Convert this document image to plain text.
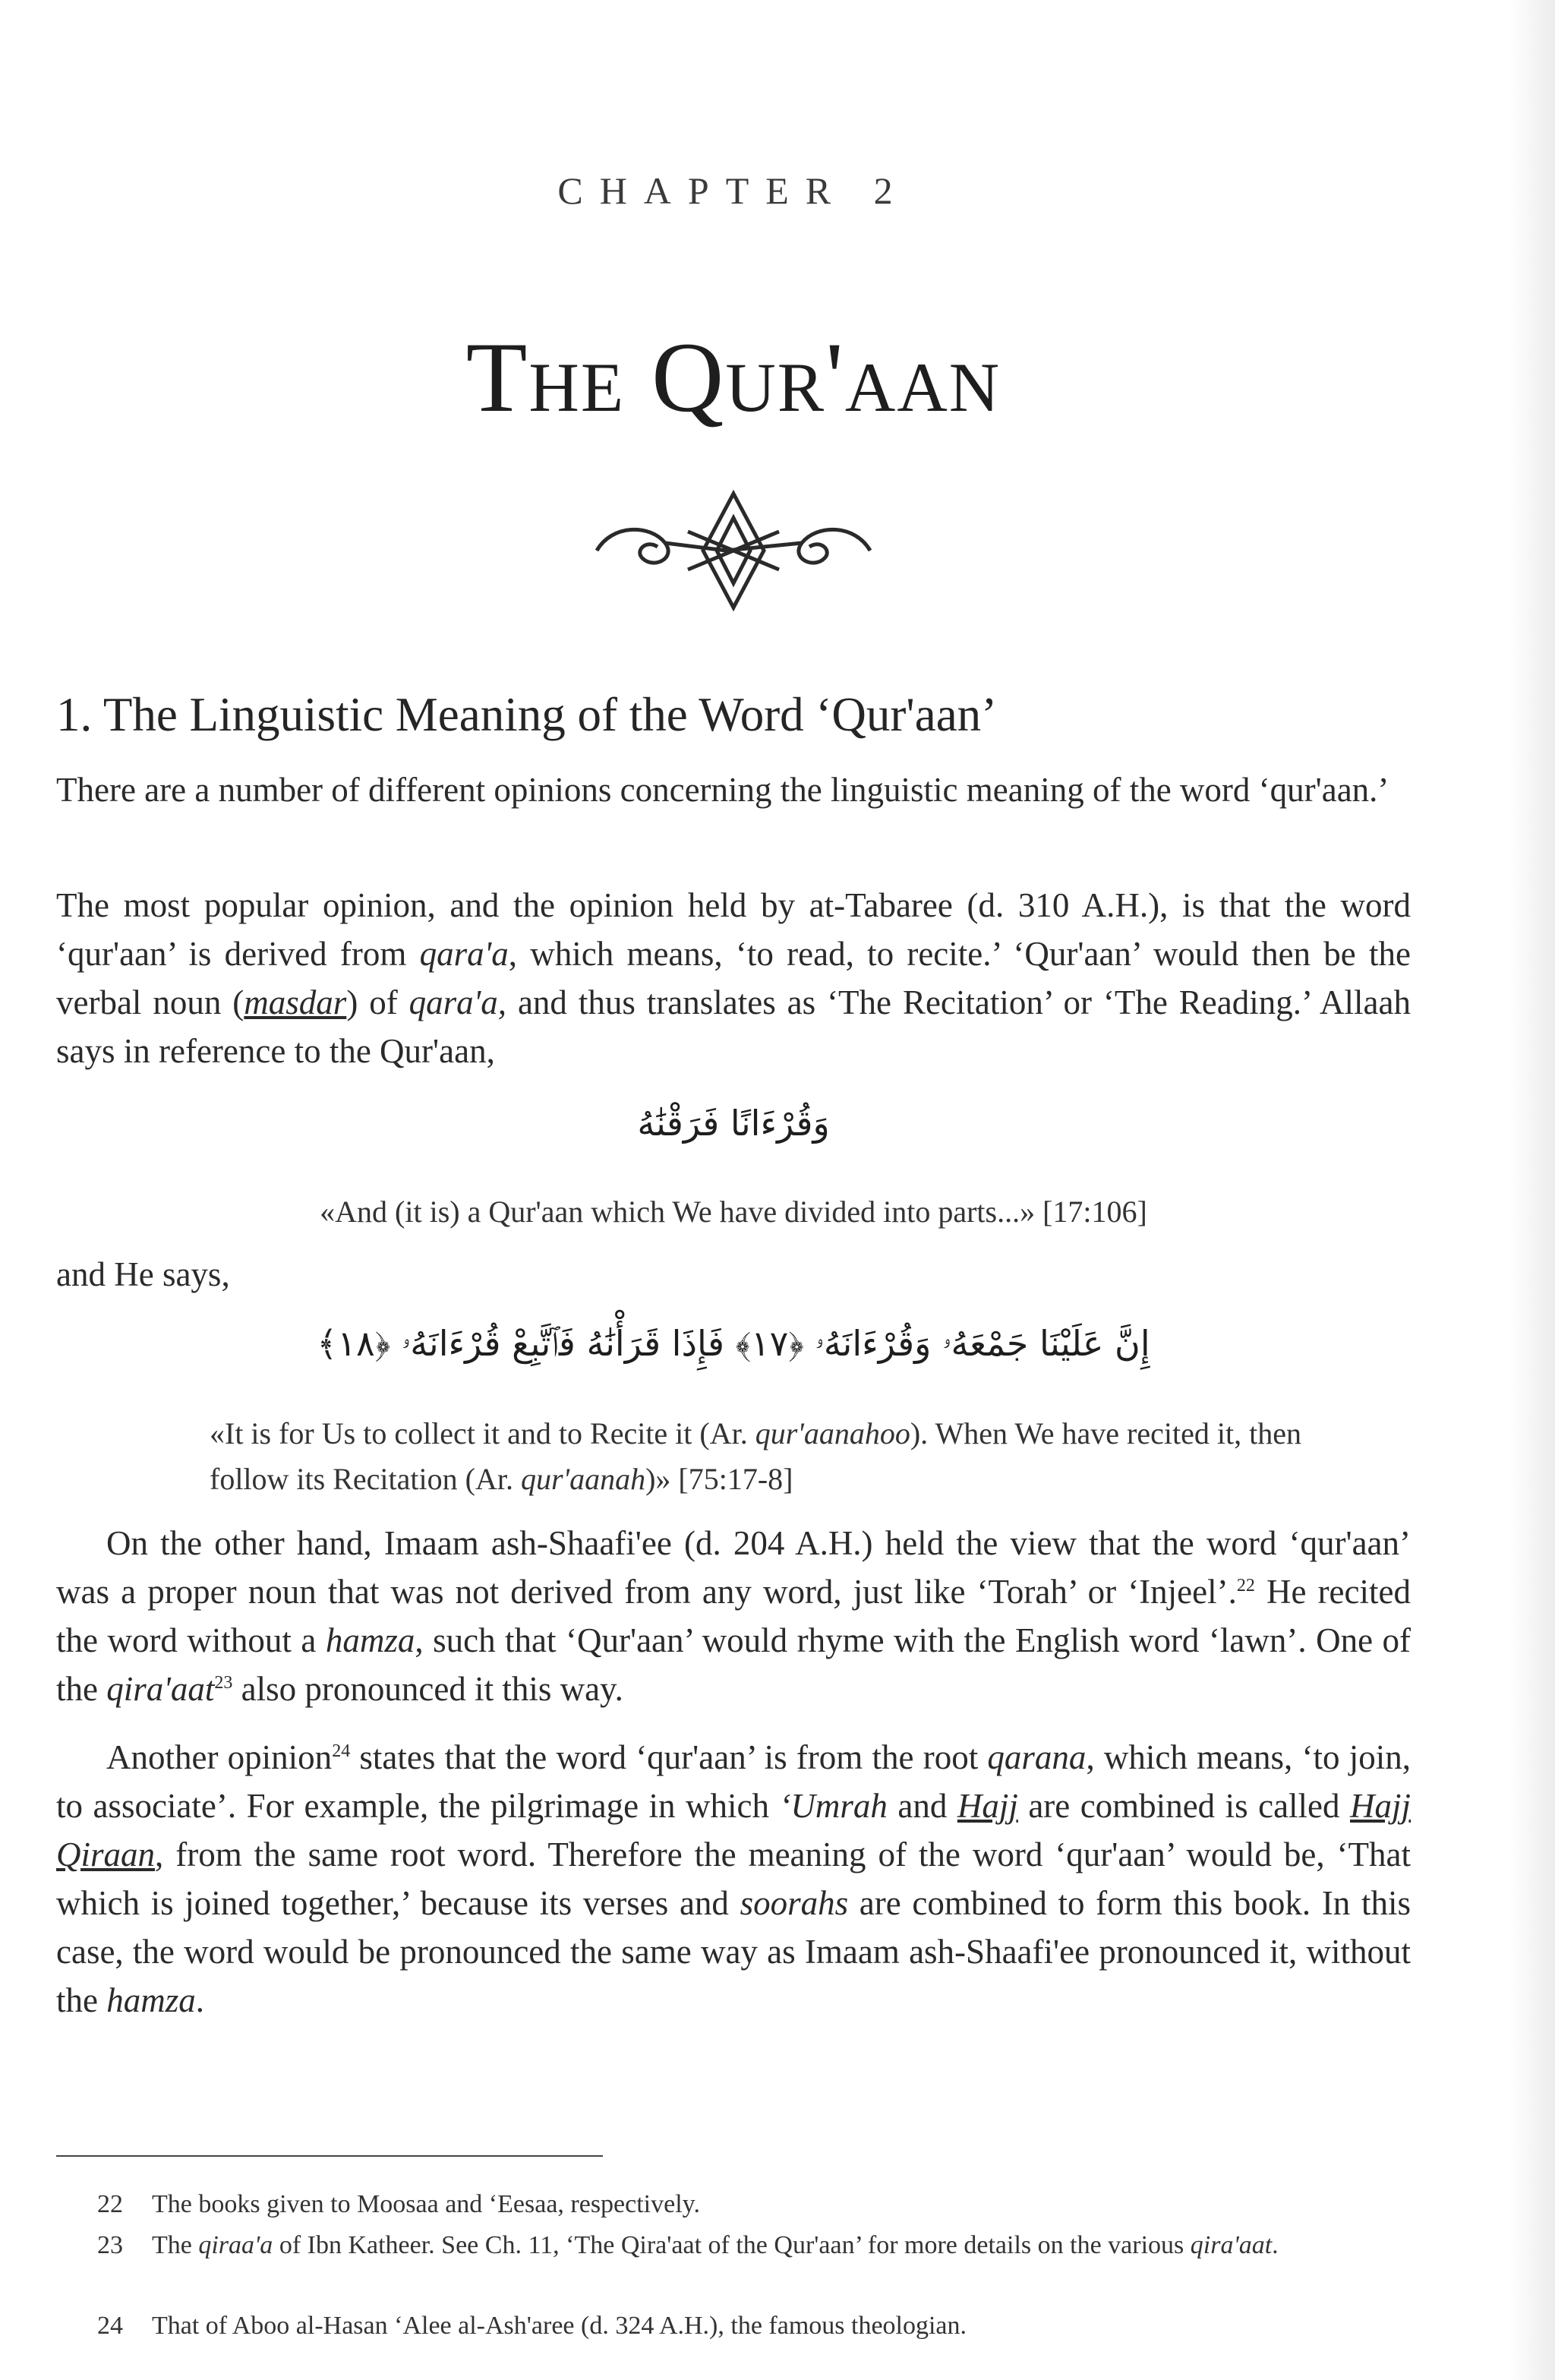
CHAPTER 2
The Qur'aan
1. The Linguistic Meaning of the Word ‘Qur'aan’
There are a number of different opinions concerning the linguistic meaning of the word ‘qur'aan.’
The most popular opinion, and the opinion held by at-Tabaree (d. 310 A.H.), is that the word ‘qur'aan’ is derived from qara'a, which means, ‘to read, to recite.’ ‘Qur'aan’ would then be the verbal noun (masdar) of qara'a, and thus translates as ‘The Recitation’ or ‘The Reading.’ Allaah says in reference to the Qur'aan,
وَقُرْءَانًا فَرَقْنَٰهُ
«And (it is) a Qur'aan which We have divided into parts...» [17:106]
and He says,
إِنَّ عَلَيْنَا جَمْعَهُۥ وَقُرْءَانَهُۥ ﴿١٧﴾ فَإِذَا قَرَأْنَٰهُ فَٱتَّبِعْ قُرْءَانَهُۥ ﴿١٨﴾
«It is for Us to collect it and to Recite it (Ar. qur'aanahoo). When We have recited it, then follow its Recitation (Ar. qur'aanah)» [75:17-8]
On the other hand, Imaam ash-Shaafi'ee (d. 204 A.H.) held the view that the word ‘qur'aan’ was a proper noun that was not derived from any word, just like ‘Torah’ or ‘Injeel’.$^{22}$ He recited the word without a hamza, such that ‘Qur'aan’ would rhyme with the English word ‘lawn’. One of the qira'aat$^{23}$ also pronounced it this way.
Another opinion$^{24}$ states that the word ‘qur'aan’ is from the root qarana, which means, ‘to join, to associate’. For example, the pilgrimage in which ‘Umrah and Hajj are combined is called Hajj Qiraan, from the same root word. Therefore the meaning of the word ‘qur'aan’ would be, ‘That which is joined together,’ because its verses and soorahs are combined to form this book. In this case, the word would be pronounced the same way as Imaam ash-Shaafi'ee pronounced it, without the hamza.
22 The books given to Moosaa and ‘Eesaa, respectively.
23 The qiraa'a of Ibn Katheer. See Ch. 11, ‘The Qira'aat of the Qur'aan’ for more details on the various qira'aat.
24 That of Aboo al-Hasan ‘Alee al-Ash'aree (d. 324 A.H.), the famous theologian.
